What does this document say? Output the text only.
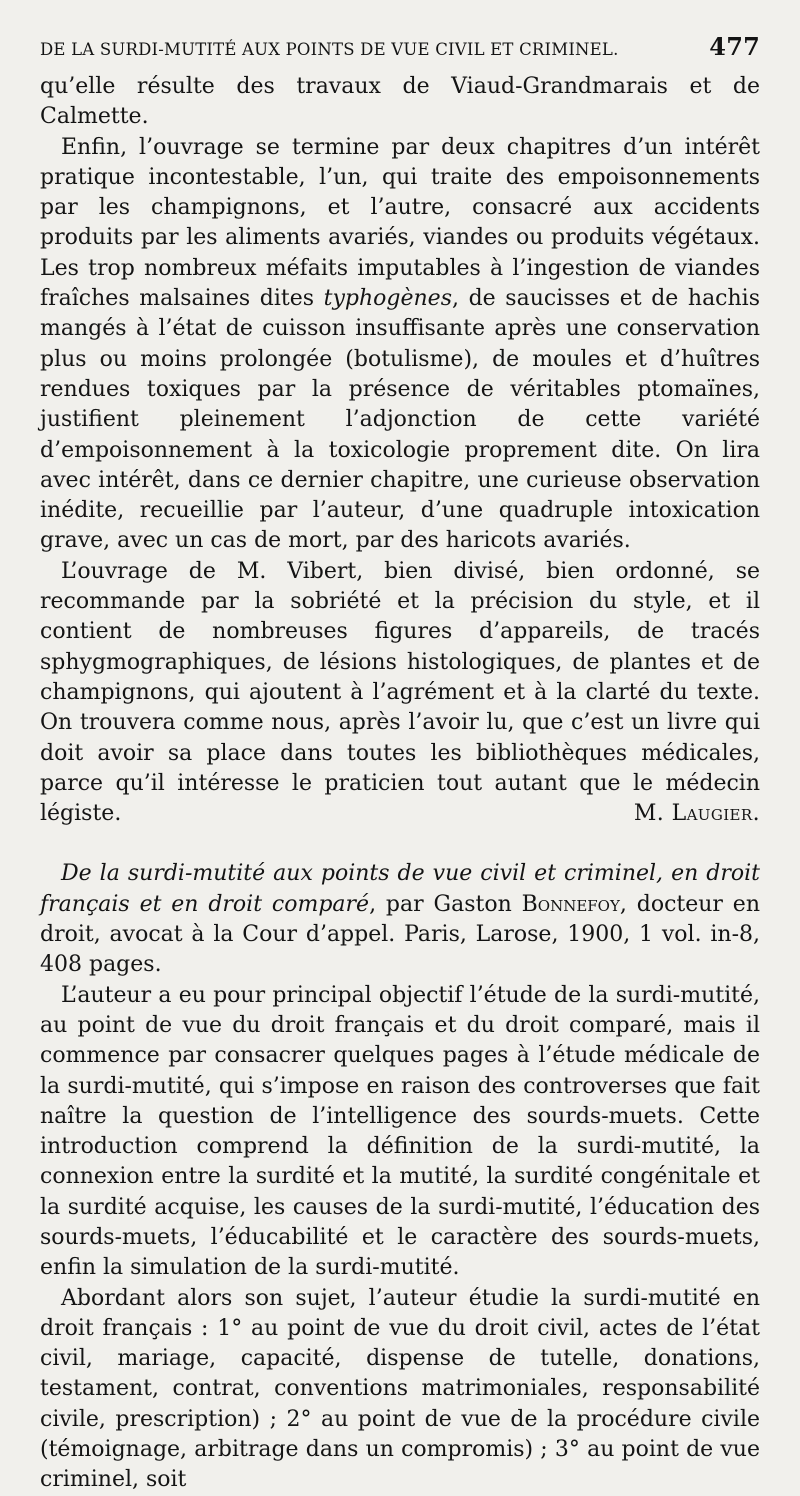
DE LA SURDI-MUTITÉ AUX POINTS DE VUE CIVIL ET CRIMINEL.	477

qu’elle résulte des travaux de Viaud-Grandmarais et de Calmette.

Enfin, l’ouvrage se termine par deux chapitres d’un intérêt pratique incontestable, l’un, qui traite des empoisonnements par les champignons, et l’autre, consacré aux accidents produits par les aliments avariés, viandes ou produits végétaux. Les trop nombreux méfaits imputables à l’ingestion de viandes fraîches malsaines dites typhogènes, de saucisses et de hachis mangés à l’état de cuisson insuffisante après une conservation plus ou moins prolongée (botulisme), de moules et d’huîtres rendues toxiques par la présence de véritables ptomaïnes, justifient pleinement l’adjonction de cette variété d’empoisonnement à la toxicologie proprement dite. On lira avec intérêt, dans ce dernier chapitre, une curieuse observation inédite, recueillie par l’auteur, d’une quadruple intoxication grave, avec un cas de mort, par des haricots avariés.

L’ouvrage de M. Vibert, bien divisé, bien ordonné, se recommande par la sobriété et la précision du style, et il contient de nombreuses figures d’appareils, de tracés sphygmographiques, de lésions histologiques, de plantes et de champignons, qui ajoutent à l’agrément et à la clarté du texte. On trouvera comme nous, après l’avoir lu, que c’est un livre qui doit avoir sa place dans toutes les bibliothèques médicales, parce qu’il intéresse le praticien tout autant que le médecin légiste.	M. Laugier.

De la surdi-mutité aux points de vue civil et criminel, en droit français et en droit comparé, par Gaston Bonnefoy, docteur en droit, avocat à la Cour d’appel. Paris, Larose, 1900, 1 vol. in-8, 408 pages.

L’auteur a eu pour principal objectif l’étude de la surdi-mutité, au point de vue du droit français et du droit comparé, mais il commence par consacrer quelques pages à l’étude médicale de la surdi-mutité, qui s’impose en raison des controverses que fait naître la question de l’intelligence des sourds-muets. Cette introduction comprend la définition de la surdi-mutité, la connexion entre la surdité et la mutité, la surdité congénitale et la surdité acquise, les causes de la surdi-mutité, l’éducation des sourds-muets, l’éducabilité et le caractère des sourds-muets, enfin la simulation de la surdi-mutité.

Abordant alors son sujet, l’auteur étudie la surdi-mutité en droit français : 1° au point de vue du droit civil, actes de l’état civil, mariage, capacité, dispense de tutelle, donations, testament, contrat, conventions matrimoniales, responsabilité civile, prescription) ; 2° au point de vue de la procédure civile (témoignage, arbitrage dans un compromis) ; 3° au point de vue criminel, soit
